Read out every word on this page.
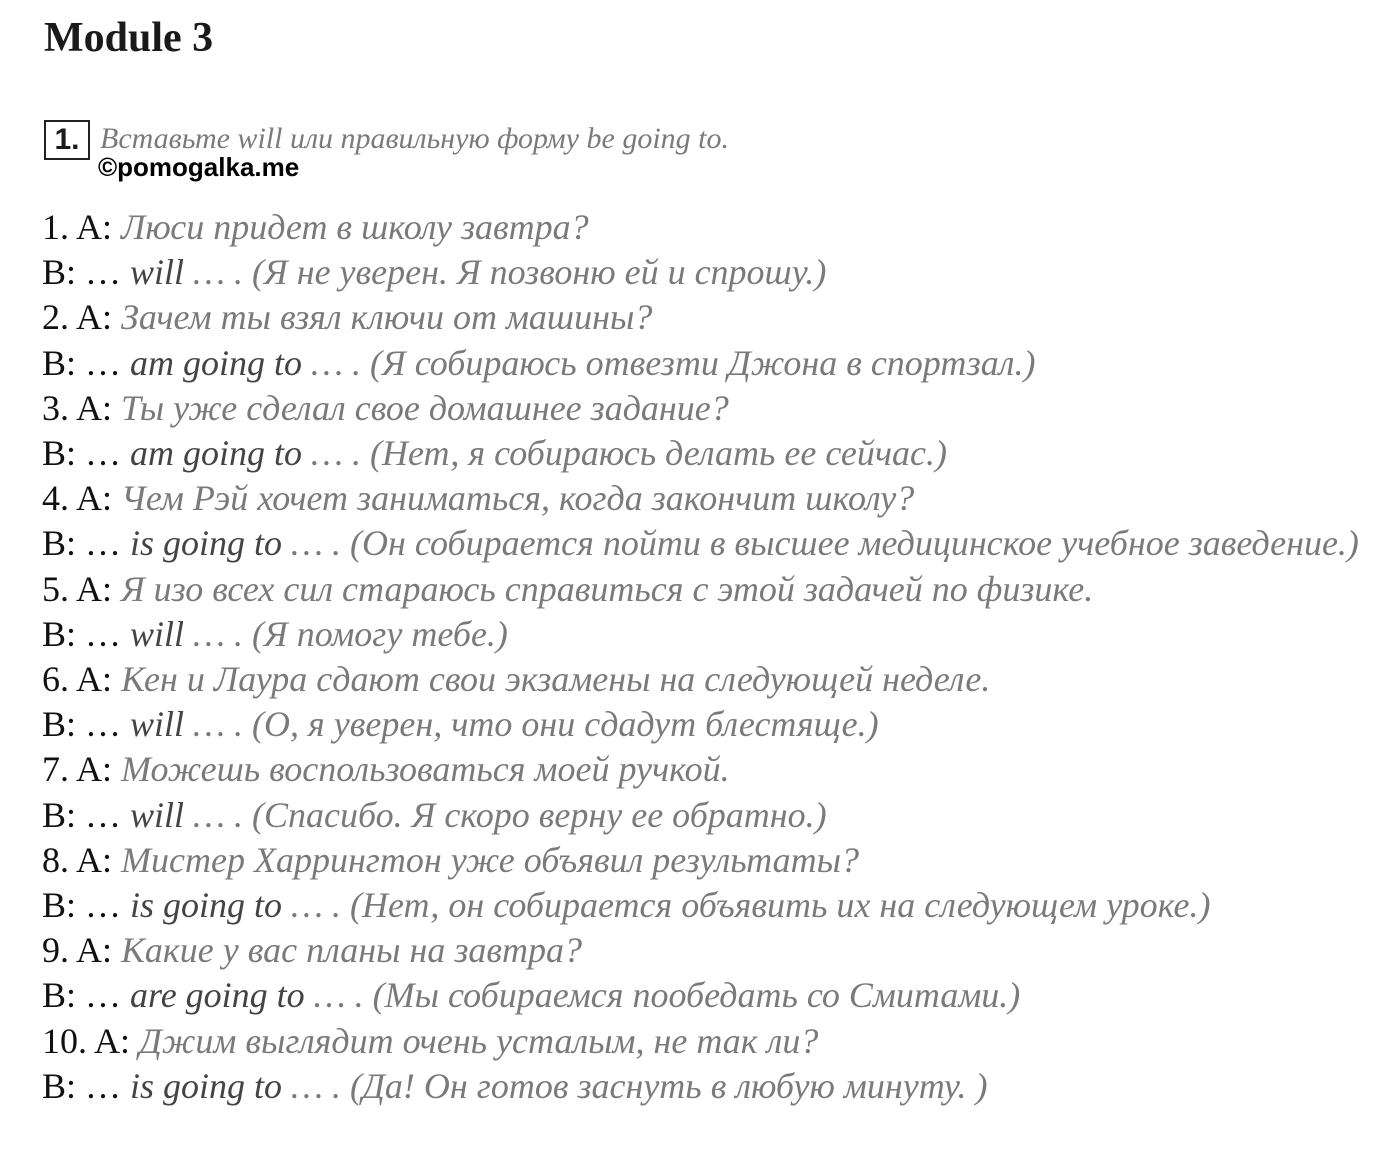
Module 3
1. Вставьте will или правильную форму be going to.
©pomogalka.me
1. A: Люси придет в школу завтра?
B: … will … . (Я не уверен. Я позвоню ей и спрошу.)
2. A: Зачем ты взял ключи от машины?
B: … am going to … . (Я собираюсь отвезти Джона в спортзал.)
3. A: Ты уже сделал свое домашнее задание?
B: … am going to … . (Нет, я собираюсь делать ее сейчас.)
4. A: Чем Рэй хочет заниматься, когда закончит школу?
B: … is going to … . (Он собирается пойти в высшее медицинское учебное заведение.)
5. A: Я изо всех сил стараюсь справиться с этой задачей по физике.
B: … will … . (Я помогу тебе.)
6. A: Кен и Лаура сдают свои экзамены на следующей неделе.
B: … will … . (О, я уверен, что они сдадут блестяще.)
7. A: Можешь воспользоваться моей ручкой.
B: … will … . (Спасибо. Я скоро верну ее обратно.)
8. A: Мистер Харрингтон уже объявил результаты?
B: … is going to … . (Нет, он собирается объявить их на следующем уроке.)
9. A: Какие у вас планы на завтра?
B: … are going to … . (Мы собираемся пообедать со Смитами.)
10. A: Джим выглядит очень усталым, не так ли?
B: … is going to … . (Да! Он готов заснуть в любую минуту. )
